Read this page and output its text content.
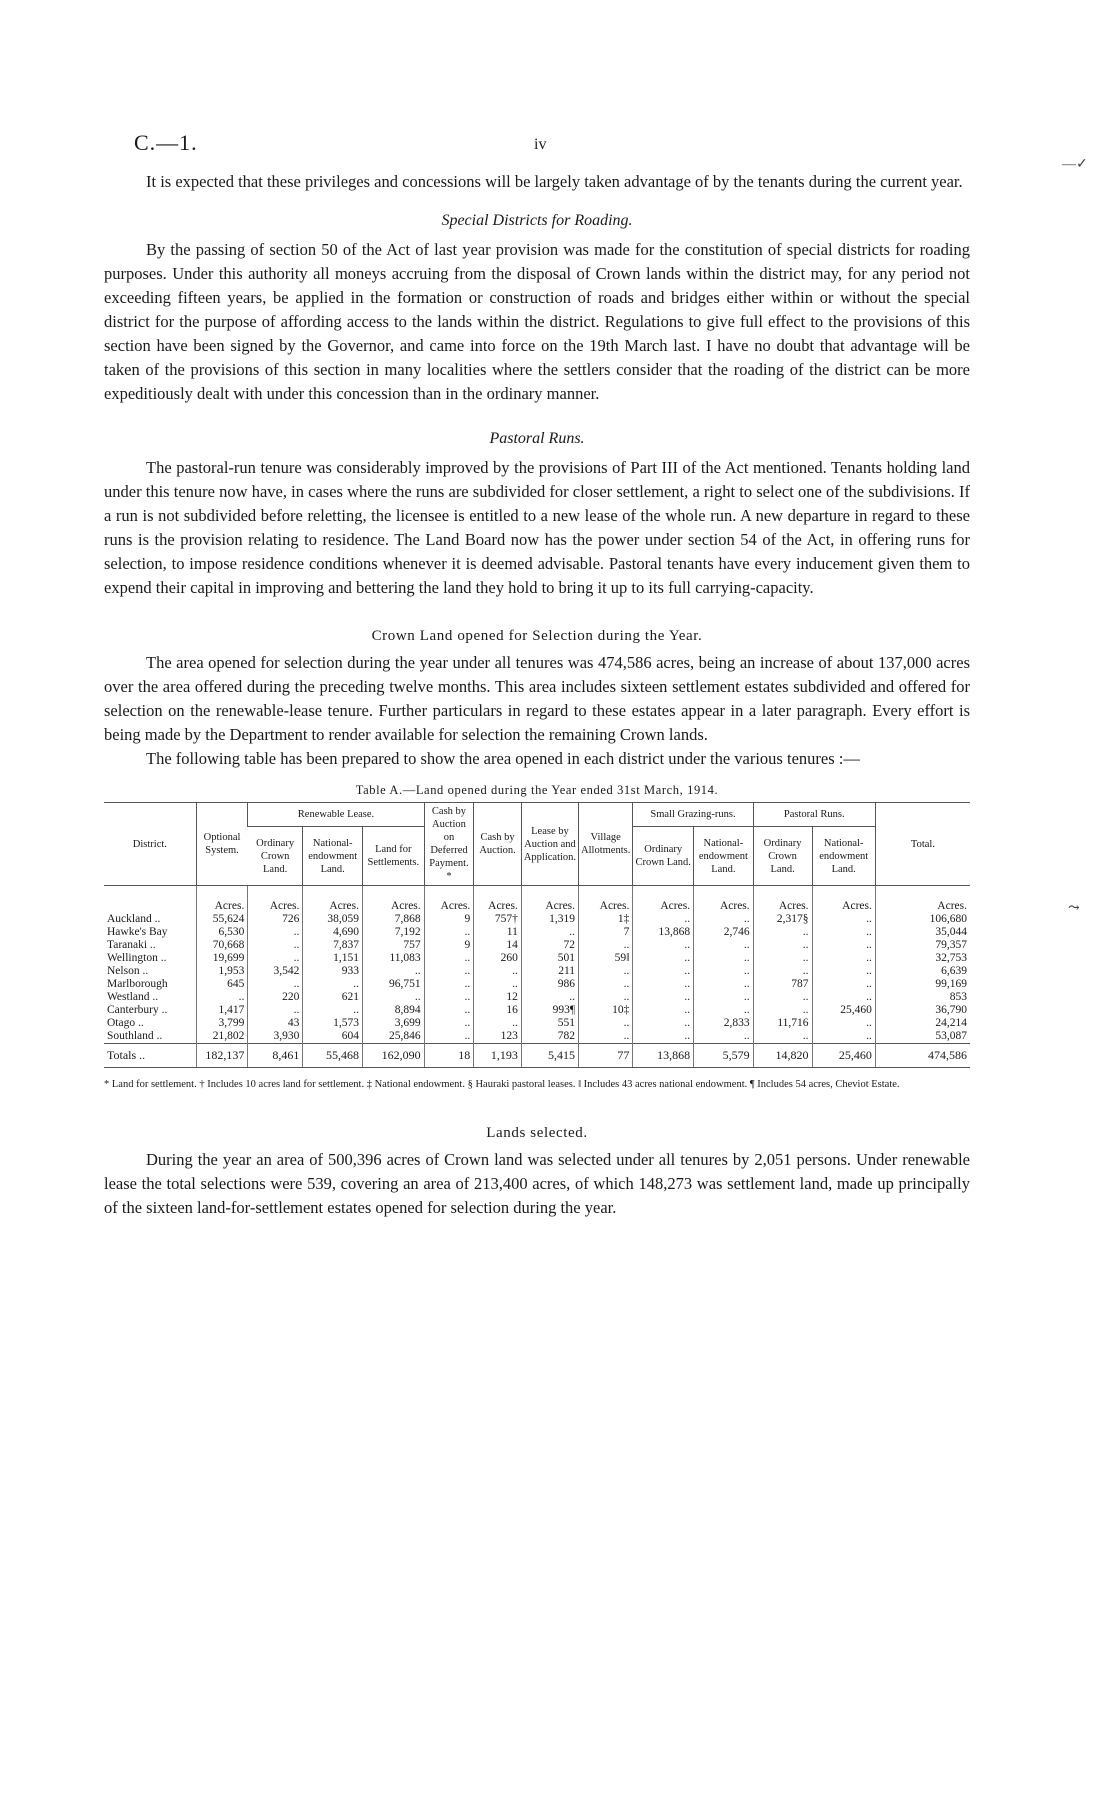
—✓
⤳
C.—1.	iv

It is expected that these privileges and concessions will be largely taken advantage of by the tenants during the current year.

Special Districts for Roading.

By the passing of section 50 of the Act of last year provision was made for the constitution of special districts for roading purposes. Under this authority all moneys accruing from the disposal of Crown lands within the district may, for any period not exceeding fifteen years, be applied in the formation or construction of roads and bridges either within or without the special district for the purpose of affording access to the lands within the district. Regulations to give full effect to the provisions of this section have been signed by the Governor, and came into force on the 19th March last. I have no doubt that advantage will be taken of the provisions of this section in many localities where the settlers consider that the roading of the district can be more expeditiously dealt with under this concession than in the ordinary manner.

Pastoral Runs.

The pastoral-run tenure was considerably improved by the provisions of Part III of the Act mentioned. Tenants holding land under this tenure now have, in cases where the runs are subdivided for closer settlement, a right to select one of the subdivisions. If a run is not subdivided before reletting, the licensee is entitled to a new lease of the whole run. A new departure in regard to these runs is the provision relating to residence. The Land Board now has the power under section 54 of the Act, in offering runs for selection, to impose residence conditions whenever it is deemed advisable. Pastoral tenants have every inducement given them to expend their capital in improving and bettering the land they hold to bring it up to its full carrying-capacity.

Crown Land opened for Selection during the Year.

The area opened for selection during the year under all tenures was 474,586 acres, being an increase of about 137,000 acres over the area offered during the preceding twelve months. This area includes sixteen settlement estates subdivided and offered for selection on the renewable-lease tenure. Further particulars in regard to these estates appear in a later paragraph. Every effort is being made by the Department to render available for selection the remaining Crown lands.

The following table has been prepared to show the area opened in each district under the various tenures :—

Table A.—Land opened during the Year ended 31st March, 1914.
District.	Optional System.	Renewable Lease.			Cash by Auction on Deferred Payment. *	Cash by Auction.	Lease by Auction and Application.	Village Allotments.	Small Grazing-runs.		Pastoral Runs.		Total.
		Ordinary Crown Land.	National-endowment Land.	Land for Settlements.					Ordinary Crown Land.	National-endowment Land.	Ordinary Crown Land.	National-endowment Land.	
	Acres.	Acres.	Acres.	Acres.	Acres.	Acres.	Acres.	Acres.	Acres.	Acres.	Acres.	Acres.	Acres.
Auckland ..	55,624	726	38,059	7,868	9	757†	1,319	1‡	..	..	2,317§	..	106,680
Hawke's Bay	6,530	..	4,690	7,192	..	11	..	7	13,868	2,746	..	..	35,044
Taranaki ..	70,668	..	7,837	757	9	14	72	..	..	..	..	..	79,357
Wellington ..	19,699	..	1,151	11,083	..	260	501	59‖	..	..	..	..	32,753
Nelson ..	1,953	3,542	933	..	..	..	211	..	..	..	..	..	6,639
Marlborough	645	..	..	96,751	..	..	986	..	..	..	787	..	99,169
Westland ..	..	220	621	..	..	12	..	..	..	..	..	..	853
Canterbury ..	1,417	..	..	8,894	..	16	993¶	10‡	..	..	..	25,460	36,790
Otago ..	3,799	43	1,573	3,699	..	..	551	..	..	2,833	11,716	..	24,214
Southland ..	21,802	3,930	604	25,846	..	123	782	..	..	..	..	..	53,087
Totals ..	182,137	8,461	55,468	162,090	18	1,193	5,415	77	13,868	5,579	14,820	25,460	474,586
* Land for settlement. † Includes 10 acres land for settlement. ‡ National endowment. § Hauraki pastoral leases. ‖ Includes 43 acres national endowment. ¶ Includes 54 acres, Cheviot Estate.
Lands selected.

During the year an area of 500,396 acres of Crown land was selected under all tenures by 2,051 persons. Under renewable lease the total selections were 539, covering an area of 213,400 acres, of which 148,273 was settlement land, made up principally of the sixteen land-for-settlement estates opened for selection during the year.
